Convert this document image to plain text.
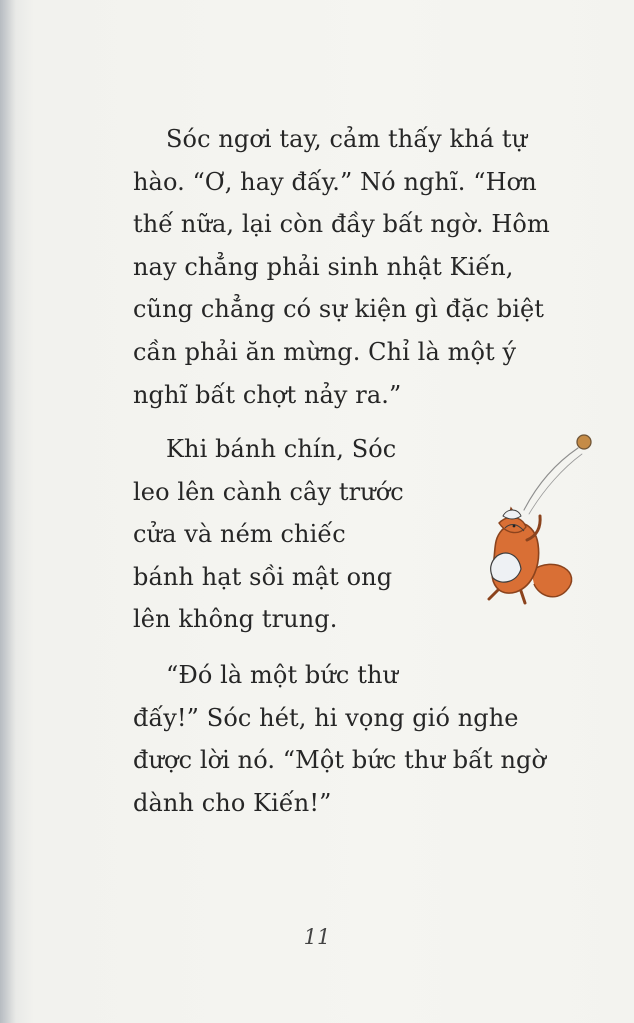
Sóc ngơi tay, cảm thấy khá tự
hào. “Ơ, hay đấy.” Nó nghĩ. “Hơn
thế nữa, lại còn đầy bất ngờ. Hôm
nay chẳng phải sinh nhật Kiến,
cũng chẳng có sự kiện gì đặc biệt
cần phải ăn mừng. Chỉ là một ý
nghĩ bất chợt nảy ra.”

Khi bánh chín, Sóc
leo lên cành cây trước
cửa và ném chiếc
bánh hạt sồi mật ong
lên không trung.

“Đó là một bức thư
đấy!” Sóc hét, hi vọng gió nghe
được lời nó. “Một bức thư bất ngờ
dành cho Kiến!”

11
